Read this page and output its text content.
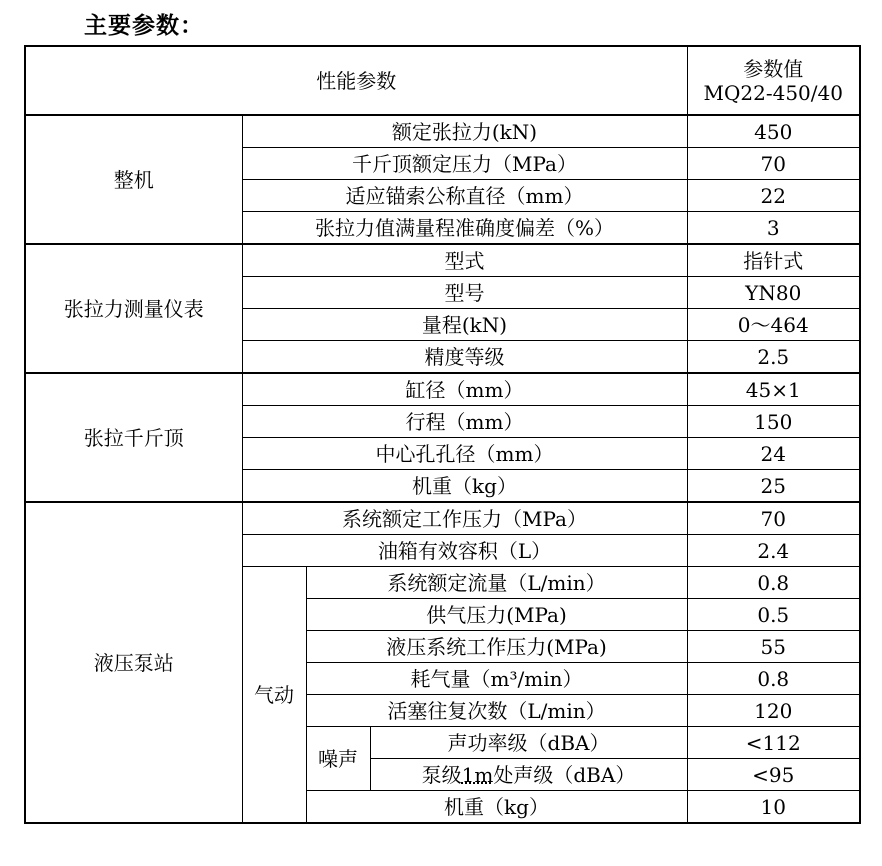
主要参数：
性能参数				参数值
MQ22-450/40

整机	额定张拉力(kN)			450
	千斤顶额定压力（MPa）			70
	适应锚索公称直径（mm）			22
	张拉力值满量程准确度偏差（%）			3
张拉力测量仪表	型式			指针式
	型号			YN80
	量程(kN)			0～464
	精度等级			2.5
张拉千斤顶	缸径（mm）			45×1
	行程（mm）			150
	中心孔孔径（mm）			24
	机重（kg）			25
液压泵站	系统额定工作压力（MPa）			70
	油箱有效容积（L）			2.4
	气动	系统额定流量（L/min）		0.8
		供气压力(MPa)		0.5
		液压系统工作压力(MPa)		55
		耗气量（m³/min）		0.8
		活塞往复次数（L/min）		120
		噪声	声功率级（dBA）	<112
			泵级1m处声级（dBA）	<95
		机重（kg）		10
